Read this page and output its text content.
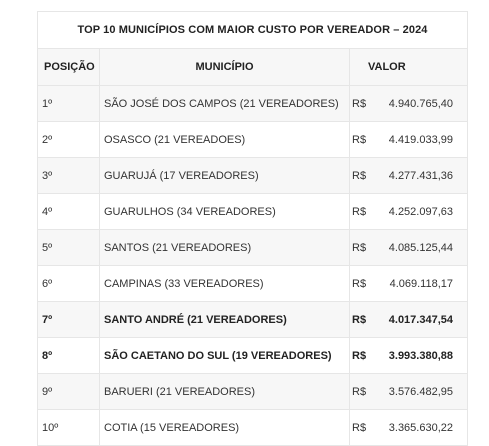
TOP 10 MUNICÍPIOS COM MAIOR CUSTO POR VEREADOR – 2024		
POSIÇÃO	MUNICÍPIO	VALOR
1º	SÃO JOSÉ DOS CAMPOS (21 VEREADORES)	R$ 4.940.765,40

2º	OSASCO (21 VEREADOES)	R$ 4.419.033,99

3º	GUARUJÁ (17 VEREADORES)	R$ 4.277.431,36

4º	GUARULHOS (34 VEREADORES)	R$ 4.252.097,63

5º	SANTOS (21 VEREADORES)	R$ 4.085.125,44

6º	CAMPINAS (33 VEREADORES)	R$ 4.069.118,17

7º	SANTO ANDRÉ (21 VEREADORES)	R$ 4.017.347,54

8º	SÃO CAETANO DO SUL (19 VEREADORES)	R$ 3.993.380,88

9º	BARUERI (21 VEREADORES)	R$ 3.576.482,95

10º	COTIA (15 VEREADORES)	R$ 3.365.630,22
